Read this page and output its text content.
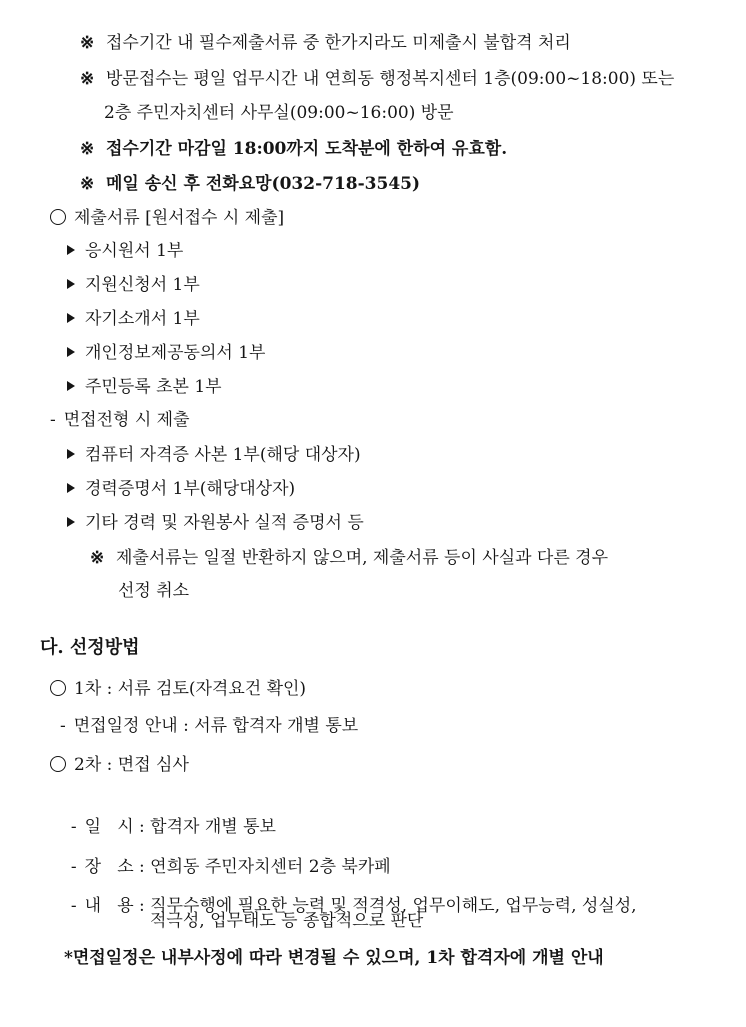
※ 접수기간 내 필수제출서류 중 한가지라도 미제출시 불합격 처리
※ 방문접수는 평일 업무시간 내 연희동 행정복지센터 1층(09:00~18:00) 또는
2층 주민자치센터 사무실(09:00~16:00) 방문
※ 접수기간 마감일 18:00까지 도착분에 한하여 유효함.
※ 메일 송신 후 전화요망(032-718-3545)
제출서류 [원서접수 시 제출]
응시원서 1부
지원신청서 1부
자기소개서 1부
개인정보제공동의서 1부
주민등록 초본 1부
- 면접전형 시 제출
컴퓨터 자격증 사본 1부(해당 대상자)
경력증명서 1부(해당대상자)
기타 경력 및 자원봉사 실적 증명서 등
※ 제출서류는 일절 반환하지 않으며, 제출서류 등이 사실과 다른 경우
선정 취소
다. 선정방법
1차 : 서류 검토(자격요건 확인)
- 면접일정 안내 : 서류 합격자 개별 통보
2차 : 면접 심사

- 일   시 : 합격자 개별 통보

- 장   소 : 연희동 주민자치센터 2층 북카페

- 내   용 : 직무수행에 필요한 능력 및 적격성, 업무이해도, 업무능력, 성실성,

적극성, 업무태도 등 종합적으로 판단
*면접일정은 내부사정에 따라 변경될 수 있으며, 1차 합격자에 개별 안내
